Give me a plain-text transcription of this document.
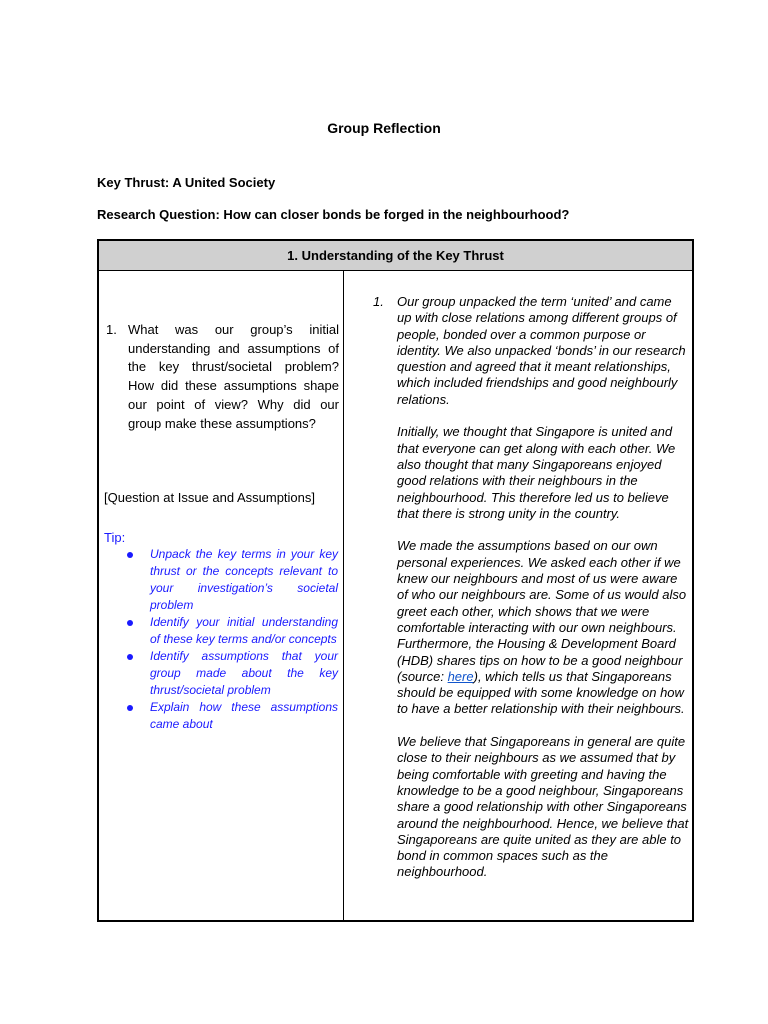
Group Reflection
Key Thrust: A United Society
Research Question: How can closer bonds be forged in the neighbourhood?
1. Understanding of the Key Thrust
1. What was our group’s initial understanding and assumptions of the key thrust/societal problem? How did these assumptions shape our point of view? Why did our group make these assumptions?
[Question at Issue and Assumptions]
Tip:
Unpack the key terms in your key thrust or the concepts relevant to your investigation’s societal problem
Identify your initial understanding of these key terms and/or concepts
Identify assumptions that your group made about the key thrust/societal problem
Explain how these assumptions came about
1. Our group unpacked the term ‘united’ and came up with close relations among different groups of people, bonded over a common purpose or identity. We also unpacked ‘bonds’ in our research question and agreed that it meant relationships, which included friendships and good neighbourly relations.

Initially, we thought that Singapore is united and that everyone can get along with each other. We also thought that many Singaporeans enjoyed good relations with their neighbours in the neighbourhood. This therefore led us to believe that there is strong unity in the country.

We made the assumptions based on our own personal experiences. We asked each other if we knew our neighbours and most of us were aware of who our neighbours are. Some of us would also greet each other, which shows that we were comfortable interacting with our own neighbours. Furthermore, the Housing & Development Board (HDB) shares tips on how to be a good neighbour (source: here), which tells us that Singaporeans should be equipped with some knowledge on how to have a better relationship with their neighbours.

We believe that Singaporeans in general are quite close to their neighbours as we assumed that by being comfortable with greeting and having the knowledge to be a good neighbour, Singaporeans share a good relationship with other Singaporeans around the neighbourhood. Hence, we believe that Singaporeans are quite united as they are able to bond in common spaces such as the neighbourhood.
